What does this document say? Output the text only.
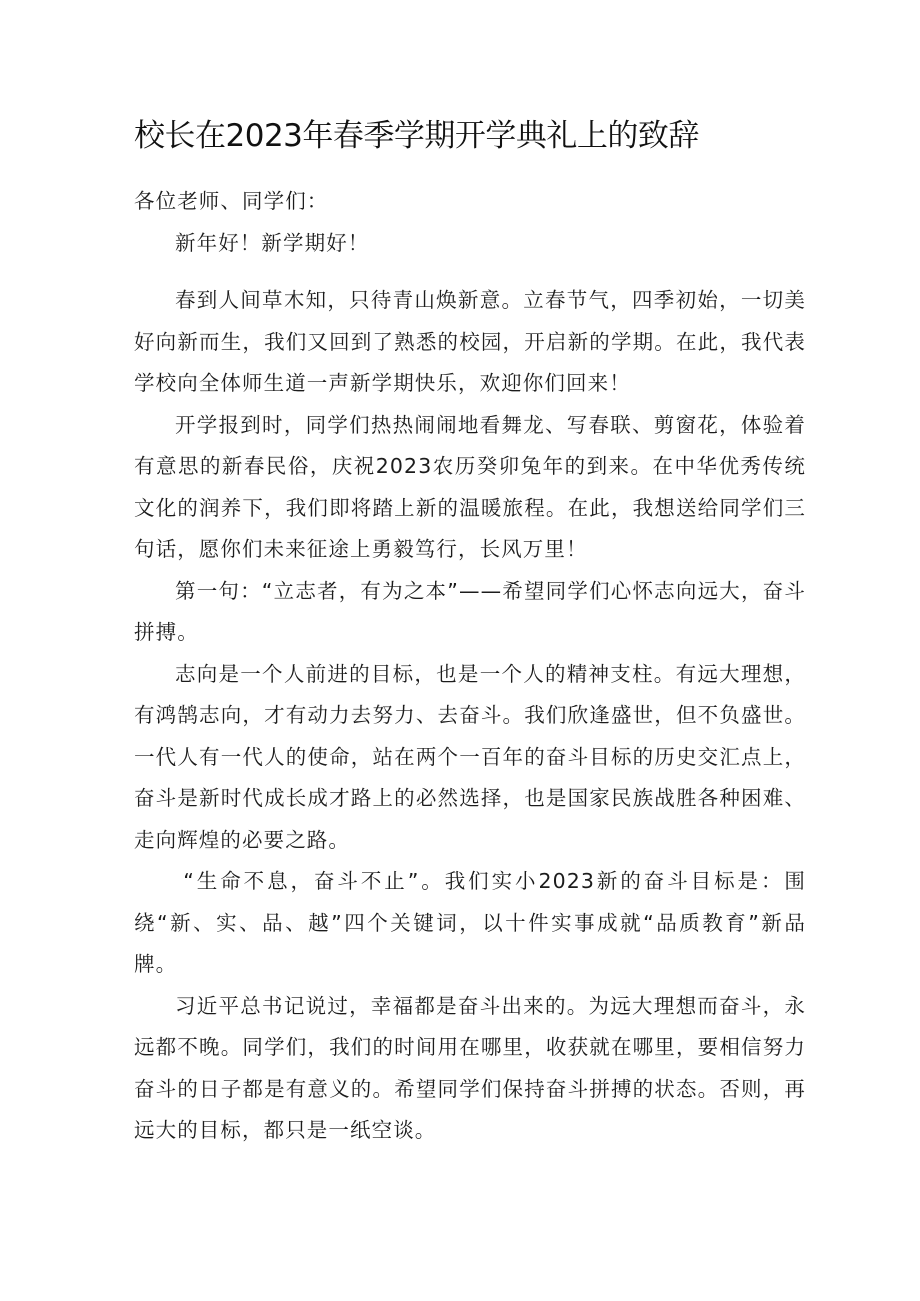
校长在2023年春季学期开学典礼上的致辞

各位老师、同学们：

新年好！新学期好！

春到人间草木知，只待青山焕新意。立春节气，四季初始，一切美好向新而生，我们又回到了熟悉的校园，开启新的学期。在此，我代表学校向全体师生道一声新学期快乐，欢迎你们回来！

开学报到时，同学们热热闹闹地看舞龙、写春联、剪窗花，体验着有意思的新春民俗，庆祝2023农历癸卯兔年的到来。在中华优秀传统文化的润养下，我们即将踏上新的温暖旅程。在此，我想送给同学们三句话，愿你们未来征途上勇毅笃行，长风万里！

第一句：“立志者，有为之本”——希望同学们心怀志向远大，奋斗拼搏。

志向是一个人前进的目标，也是一个人的精神支柱。有远大理想，有鸿鹄志向，才有动力去努力、去奋斗。我们欣逢盛世，但不负盛世。一代人有一代人的使命，站在两个一百年的奋斗目标的历史交汇点上，奋斗是新时代成长成才路上的必然选择，也是国家民族战胜各种困难、走向辉煌的必要之路。

“生命不息，奋斗不止”。我们实小2023新的奋斗目标是：围绕“新、实、品、越”四个关键词，以十件实事成就“品质教育”新品牌。

习近平总书记说过，幸福都是奋斗出来的。为远大理想而奋斗，永远都不晚。同学们，我们的时间用在哪里，收获就在哪里，要相信努力奋斗的日子都是有意义的。希望同学们保持奋斗拼搏的状态。否则，再远大的目标，都只是一纸空谈。
